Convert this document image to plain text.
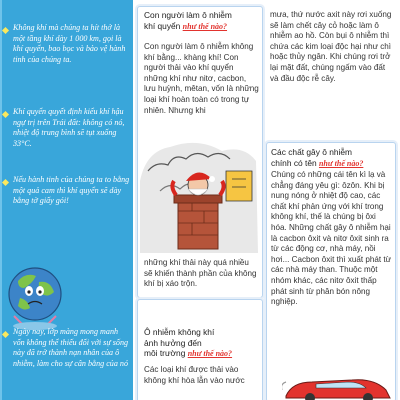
Không khí mà chúng ta hít thở là một tầng khí dày 1 000 km, gọi là khí quyển, bao bọc và bảo vệ hành tinh của chúng ta.

Khí quyển quyết định kiểu khí hậu ngự trị trên Trái đất: không có nó, nhiệt độ trung bình sẽ tụt xuống 33°C.

Nếu hành tinh của chúng ta to bằng một quả cam thì khí quyển sẽ dày bằng tờ giấy gói!

Ngày nay, lớp màng mong manh vốn không thể thiếu đối với sự sống này đã trở thành nạn nhân của ô nhiễm, làm cho sự cân bằng của nó

Con người làm ô nhiễm
khí quyển như thế nào?

Con người làm ô nhiễm không khí bằng... khàng khí! Con người thải vào khí quyển những khí như nitơ, cacbon, lưu huỳnh, mêtan, vốn là những loại khí hoàn toàn có trong tự nhiên. Nhưng khi

những khí thải này quá nhiều sẽ khiến thành phần của không khí bị xáo trộn.

Ô nhiễm không khí
ảnh hưởng đến
môi trường như thế nào?

Các loại khí được thải vào không khí hòa lẫn vào nước

mưa, thứ nước axit này rơi xuống sẽ làm chết cây cỏ hoặc làm ô nhiễm ao hồ. Còn bụi ô nhiễm thì chứa các kim loại độc hại như chì hoặc thủy ngân. Khi chúng rơi trở lại mặt đất, chúng ngấm vào đất và đầu độc rễ cây.

Các chất gây ô nhiễm
chính có tên như thế nào?

Chúng có những cái tên kì lạ và chẳng đáng yêu gì: ôzôn. Khi bị nung nóng ở nhiệt độ cao, các chất khí phản ứng với khí trong không khí, thế là chúng bị ôxi hóa. Những chất gây ô nhiễm hại là cacbon ôxit và nitơ ôxit sinh ra từ các động cơ, nhà máy, nồi hơi... Cacbon ôxit thì xuất phát từ các nhà máy than. Thuộc một nhóm khác, các nitơ ôxit thấp phát sinh từ phân bón nông nghiệp.
